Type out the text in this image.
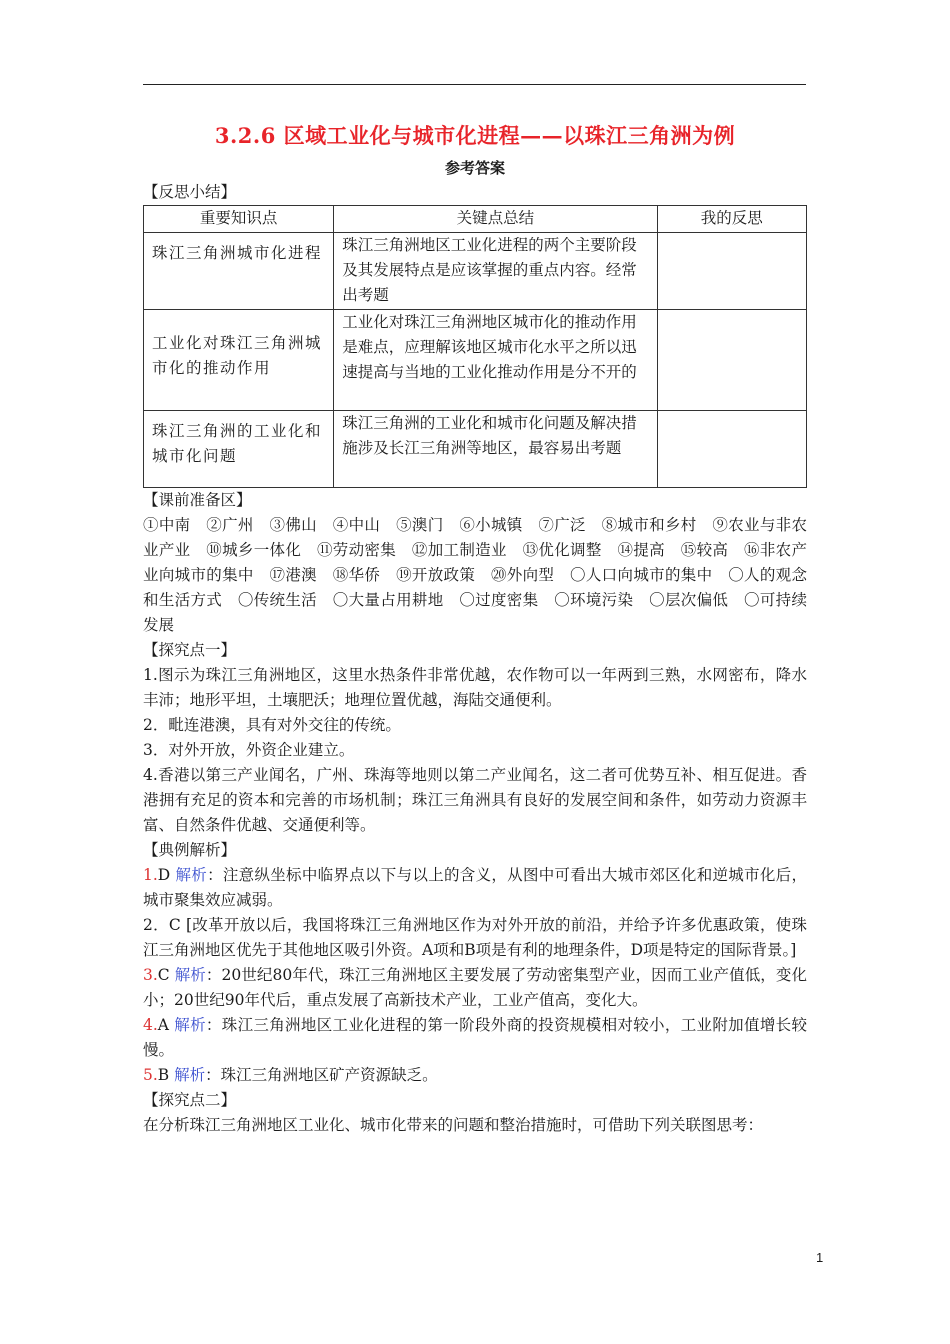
3.2.6 区域工业化与城市化进程——以珠江三角洲为例
参考答案

【反思小结】

重要知识点	关键点总结	我的反思
珠江三角洲城市化进程	珠江三角洲地区工业化进程的两个主要阶段及其发展特点是应该掌握的重点内容。经常出考题	
工业化对珠江三角洲城市化的推动作用	工业化对珠江三角洲地区城市化的推动作用是难点，应理解该地区城市化水平之所以迅速提高与当地的工业化推动作用是分不开的	
珠江三角洲的工业化和城市化问题	珠江三角洲的工业化和城市化问题及解决措施涉及长江三角洲等地区，最容易出考题	

【课前准备区】

①中南　②广州　③佛山　④中山　⑤澳门　⑥小城镇　⑦广泛　⑧城市和乡村　⑨农业与非农业产业　⑩城乡一体化　⑪劳动密集　⑫加工制造业　⑬优化调整　⑭提高　⑮较高　⑯非农产业向城市的集中　⑰港澳　⑱华侨　⑲开放政策　⑳外向型　〇人口向城市的集中　〇人的观念和生活方式　〇传统生活　〇大量占用耕地　〇过度密集　〇环境污染　〇层次偏低　〇可持续发展

【探究点一】

1.图示为珠江三角洲地区，这里水热条件非常优越，农作物可以一年两到三熟，水网密布，降水丰沛；地形平坦，土壤肥沃；地理位置优越，海陆交通便利。

2．毗连港澳，具有对外交往的传统。

3．对外开放，外资企业建立。

4.香港以第三产业闻名，广州、珠海等地则以第二产业闻名，这二者可优势互补、相互促进。香港拥有充足的资本和完善的市场机制；珠江三角洲具有良好的发展空间和条件，如劳动力资源丰富、自然条件优越、交通便利等。

【典例解析】

1.D 解析：注意纵坐标中临界点以下与以上的含义，从图中可看出大城市郊区化和逆城市化后，城市聚集效应减弱。

2．C [改革开放以后，我国将珠江三角洲地区作为对外开放的前沿，并给予许多优惠政策，使珠江三角洲地区优先于其他地区吸引外资。A项和B项是有利的地理条件，D项是特定的国际背景。]

3.C 解析：20世纪80年代，珠江三角洲地区主要发展了劳动密集型产业，因而工业产值低，变化小；20世纪90年代后，重点发展了高新技术产业，工业产值高，变化大。

4.A 解析：珠江三角洲地区工业化进程的第一阶段外商的投资规模相对较小，工业附加值增长较慢。

5.B 解析：珠江三角洲地区矿产资源缺乏。

【探究点二】

在分析珠江三角洲地区工业化、城市化带来的问题和整治措施时，可借助下列关联图思考：

1
